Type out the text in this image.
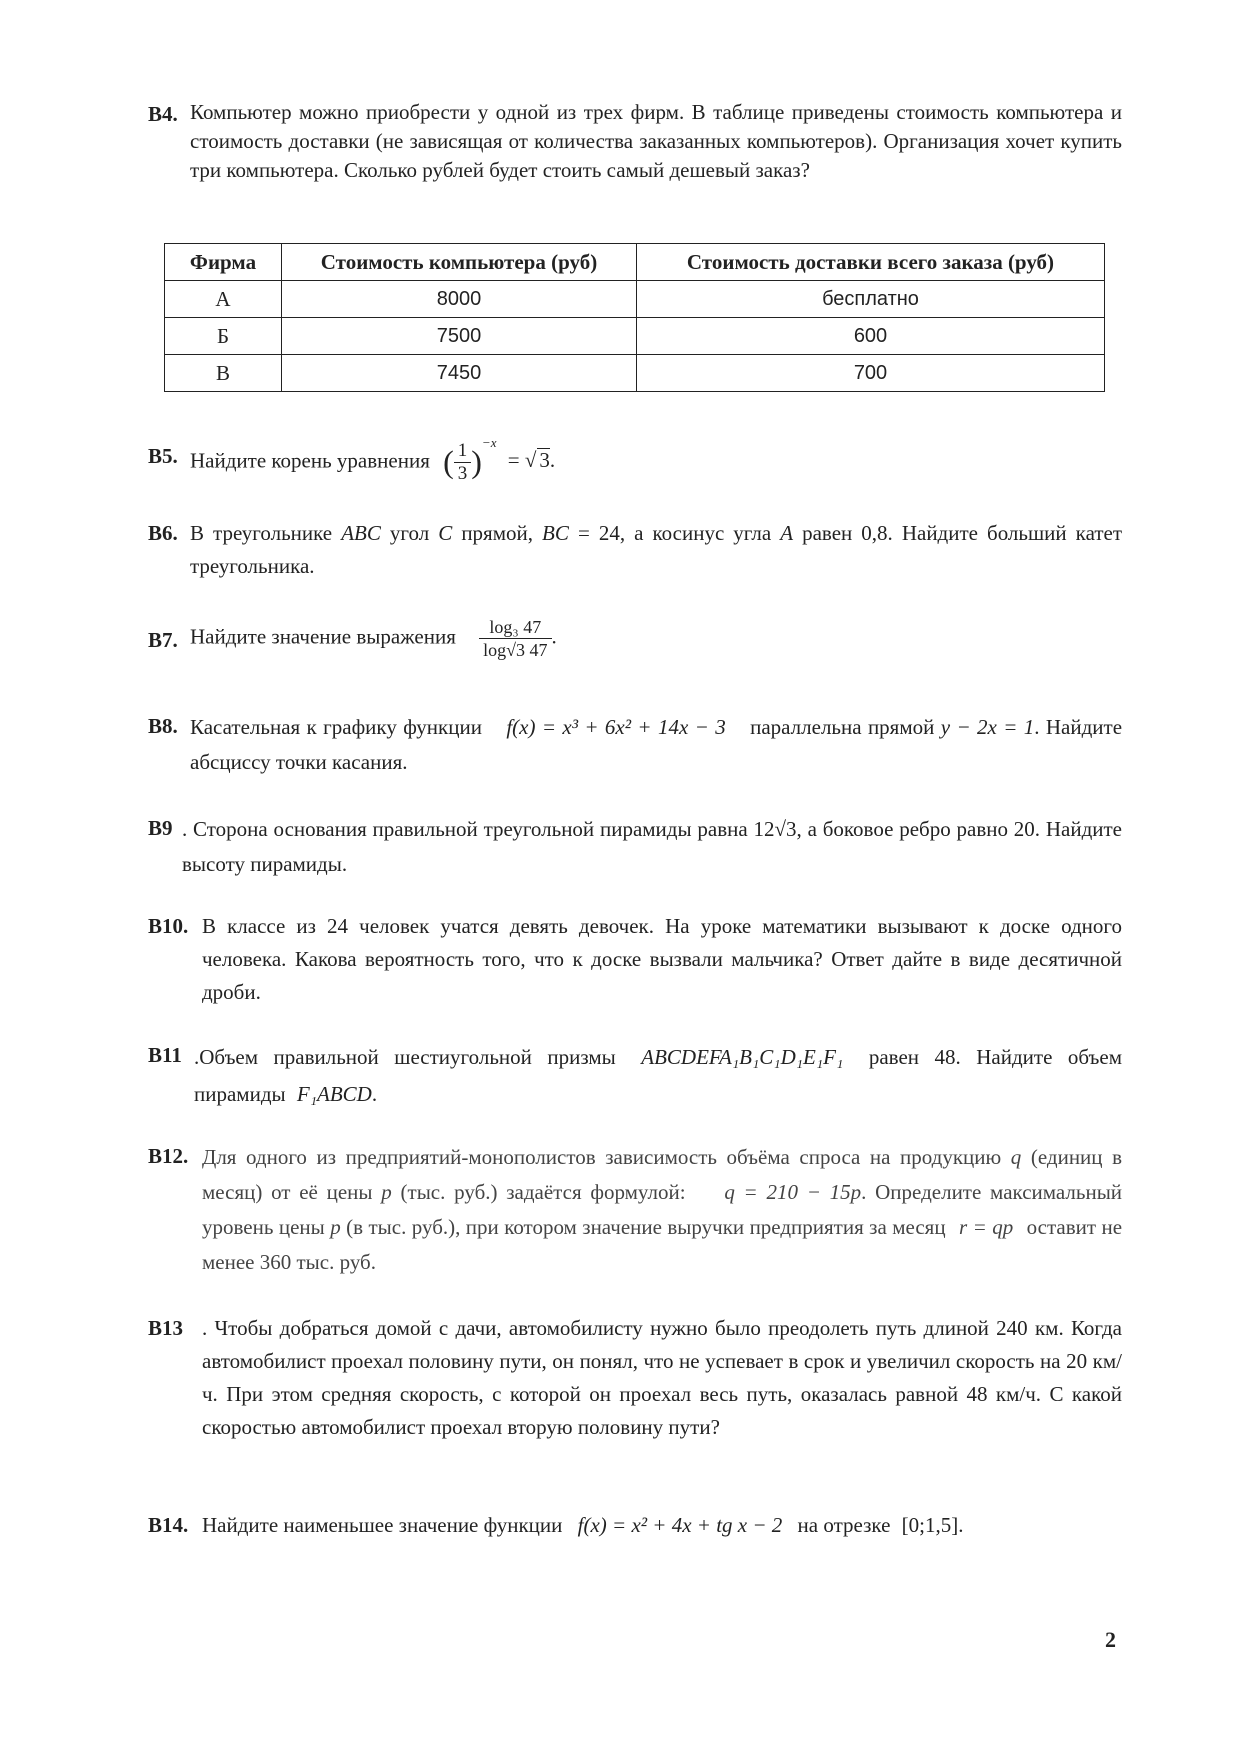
В4. Компьютер можно приобрести у одной из трех фирм. В таблице приведены стоимость компьютера и стоимость доставки (не зависящая от количества заказанных компьютеров). Организация хочет купить три компьютера. Сколько рублей будет стоить самый дешевый заказ?
Фирма	Стоимость компьютера (руб)	Стоимость доставки всего заказа (руб)
А	8000	бесплатно
Б	7500	600
В	7450	700
В5. Найдите корень уравнения ( $\frac{1}{3} )^{-x}$ = √ 3.
В6. В треугольнике ABC угол C прямой, BC = 24, а косинус угла A равен 0,8. Найдите больший катет треугольника.
В7. Найдите значение выражения $\frac{\text{log₃ 47}}{\log√3 47}$ .
В8. Касательная к графику функции f(x) = x³ + 6x² + 14x − 3 параллельна прямой y − 2x = 1. Найдите абсциссу точки касания.
В9 . Сторона основания правильной треугольной пирамиды равна 12√3, а боковое ребро равно 20. Найдите высоту пирамиды.
В10. В классе из 24 человек учатся девять девочек. На уроке математики вызывают к доске одного человека. Какова вероятность того, что к доске вызвали мальчика? Ответ дайте в виде десятичной дроби.
В11 .Объем правильной шестиугольной призмы ABCDEFA₁B₁C₁D₁E₁F₁ равен 48. Найдите объем пирамиды F₁ABCD.
В12. Для одного из предприятий-монополистов зависимость объёма спроса на продукцию q (единиц в месяц) от её цены p (тыс. руб.) задаётся формулой: q = 210 − 15p. Определите максимальный уровень цены p (в тыс. руб.), при котором значение выручки предприятия за месяц r = qp оставит не менее 360 тыс. руб.
В13 . Чтобы добраться домой с дачи, автомобилисту нужно было преодолеть путь длиной 240 км. Когда автомобилист проехал половину пути, он понял, что не успевает в срок и увеличил скорость на 20 км/ч. При этом средняя скорость, с которой он проехал весь путь, оказалась равной 48 км/ч. С какой скоростью автомобилист проехал вторую половину пути?
В14. Найдите наименьшее значение функции f(x) = x² + 4x + tg x − 2 на отрезке [0;1,5].
2
